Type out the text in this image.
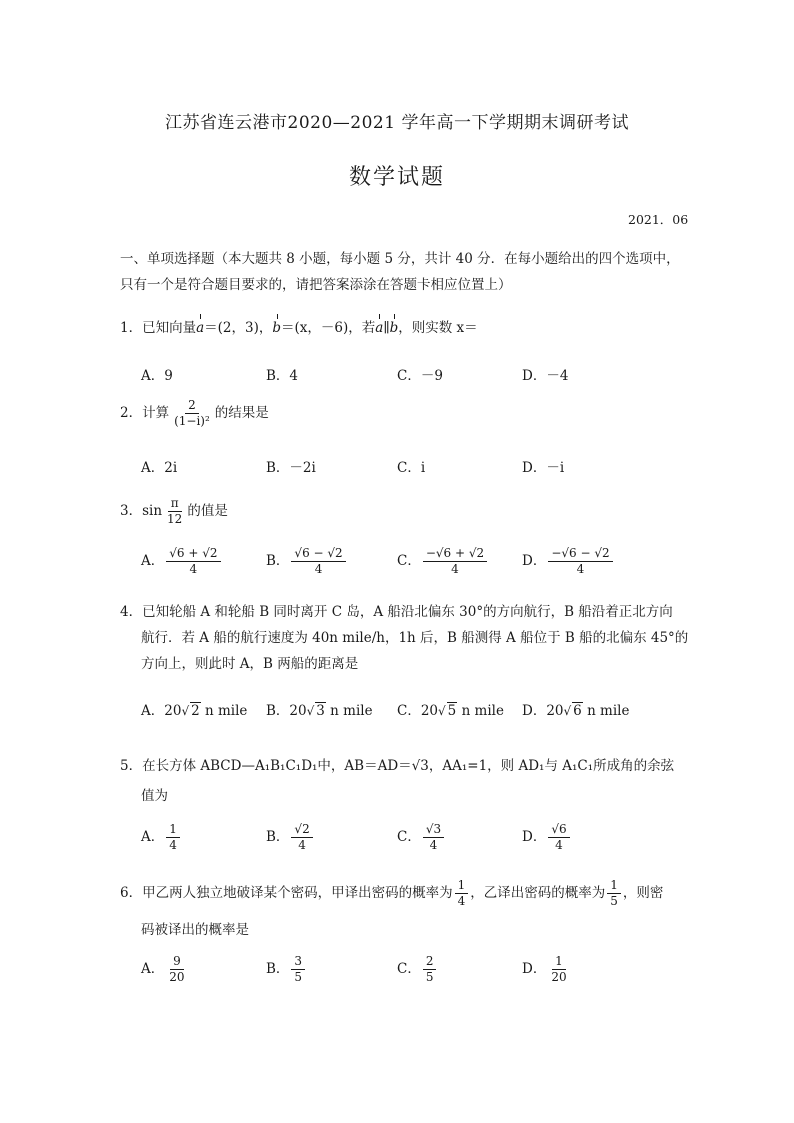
江苏省连云港市2020—2021 学年高一下学期期末调研考试
数学试题
2021．06
一、单项选择题（本大题共 8 小题，每小题 5 分，共计 40 分．在每小题给出的四个选项中，只有一个是符合题目要求的，请把答案添涂在答题卡相应位置上）
1．已知向量a＝(2，3)，b＝(x，－6)，若a∥b，则实数 x＝
A．9	B．4	C．－9	D．－4
2．计算 $\frac{2}{\text{(1−i)²}}$ 的结果是
A．2i	B．－2i	C．i	D．－i
3．$\sin \frac{\pi}{12}$ 的值是
A． $\frac{√6 + √2}{4}$	B． $\frac{√6 - √2}{4}$	C． $\frac{-√6 + √2}{4}$	D． $\frac{-√6 - √2}{4}$
4．已知轮船 A 和轮船 B 同时离开 C 岛，A 船沿北偏东 30°的方向航行，B 船沿着正北方向
航行．若 A 船的航行速度为 40n mile/h，1h 后，B 船测得 A 船位于 B 船的北偏东 45°的
方向上，则此时 A，B 两船的距离是
A．20√ 2 n mile B．20√ 3 n mile C．20√ 5 n mile D．20√ 6 n mile
5．在长方体 ABCD—A₁B₁C₁D₁中，AB＝AD＝√3，AA₁=1，则 AD₁与 A₁C₁所成角的余弦
值为
A． $\frac{1}{4}$	B． $\frac{√2}{4}$	C． $\frac{√3}{4}$	D． $\frac{√6}{4}$
6．甲乙两人独立地破译某个密码，甲译出密码的概率为 $\frac{1}{4}$ ，乙译出密码的概率为 $\frac{1}{5}$ ，则密
码被译出的概率是
A． $\frac{9}{20}$	B． $\frac{3}{5}$	C． $\frac{2}{5}$	D． $\frac{1}{20}$
